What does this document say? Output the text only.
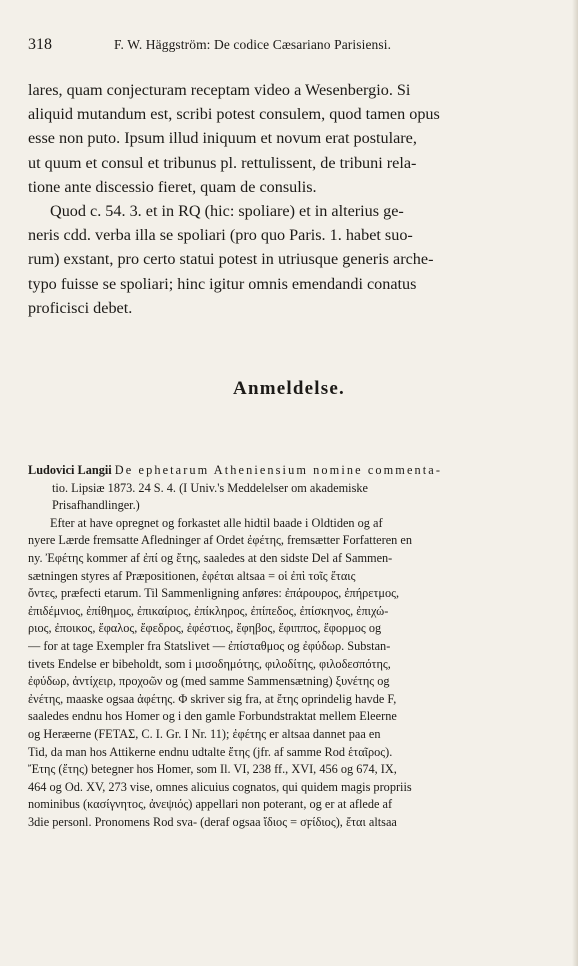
318	F. W. Häggström: De codice Cæsariano Parisiensi.
lares, quam conjecturam receptam video a Wesenbergio. Si
aliquid mutandum est, scribi potest consulem, quod tamen opus
esse non puto. Ipsum illud iniquum et novum erat postulare,
ut quum et consul et tribunus pl. rettulissent, de tribuni rela-
tione ante discessio fieret, quam de consulis.
Quod c. 54. 3. et in RQ (hic: spoliare) et in alterius ge-
neris cdd. verba illa se spoliari (pro quo Paris. 1. habet suo-
rum) exstant, pro certo statui potest in utriusque generis arche-
typo fuisse se spoliari; hinc igitur omnis emendandi conatus
proficisci debet.
Anmeldelse.
Ludovici Langii De ephetarum Atheniensium nomine commenta-
tio. Lipsiæ 1873. 24 S. 4. (I Univ.'s Meddelelser om akademiske
Prisafhandlinger.)
Efter at have opregnet og forkastet alle hidtil baade i Oldtiden og af
nyere Lærde fremsatte Afledninger af Ordet ἐφέτης, fremsætter Forfatteren en
ny. Ἐφέτης kommer af ἐπί og ἔτης, saaledes at den sidste Del af Sammen-
sætningen styres af Præpositionen, ἐφέται altsaa = οἱ ἐπὶ τοῖς ἔταις
ὄντες, præfecti etarum. Til Sammenligning anføres: ἐπάρουρος, ἐπήρετμος,
ἐπιδέμνιος, ἐπίθημος, ἐπικαίριος, ἐπίκληρος, ἐπίπεδος, ἐπίσκηνος, ἐπιχώ-
ριος, ἐποικος, ἔφαλος, ἔφεδρος, ἐφέστιος, ἔφηβος, ἔφιππος, ἔφορμος og
— for at tage Exempler fra Statslivet — ἐπίσταθμος og ἐφύδωρ. Substan-
tivets Endelse er bibeholdt, som i μισοδημότης, φιλοδίτης, φιλοδεσπότης,
ἐφύδωρ, ἀντίχειρ, προχοῶν og (med samme Sammensætning) ξυνέτης og
ἐνέτης, maaske ogsaa ἀφέτης. Φ skriver sig fra, at ἔτης oprindelig havde F,
saaledes endnu hos Homer og i den gamle Forbundstraktat mellem Eleerne
og Heræerne (FETAΣ, C. I. Gr. I Nr. 11); ἐφέτης er altsaa dannet paa en
Tid, da man hos Attikerne endnu udtalte ἔτης (jfr. af samme Rod ἑταῖρος).
Ἔτης (ἔτης) betegner hos Homer, som Il. VI, 238 ff., XVI, 456 og 674, IX,
464 og Od. XV, 273 vise, omnes alicuius cognatos, qui quidem magis propriis
nominibus (κασίγνητος, ἀνεψιός) appellari non poterant, og er at aflede af
3die personl. Pronomens Rod sva- (deraf ogsaa ἴδιος = σϝίδιος), ἔται altsaa
